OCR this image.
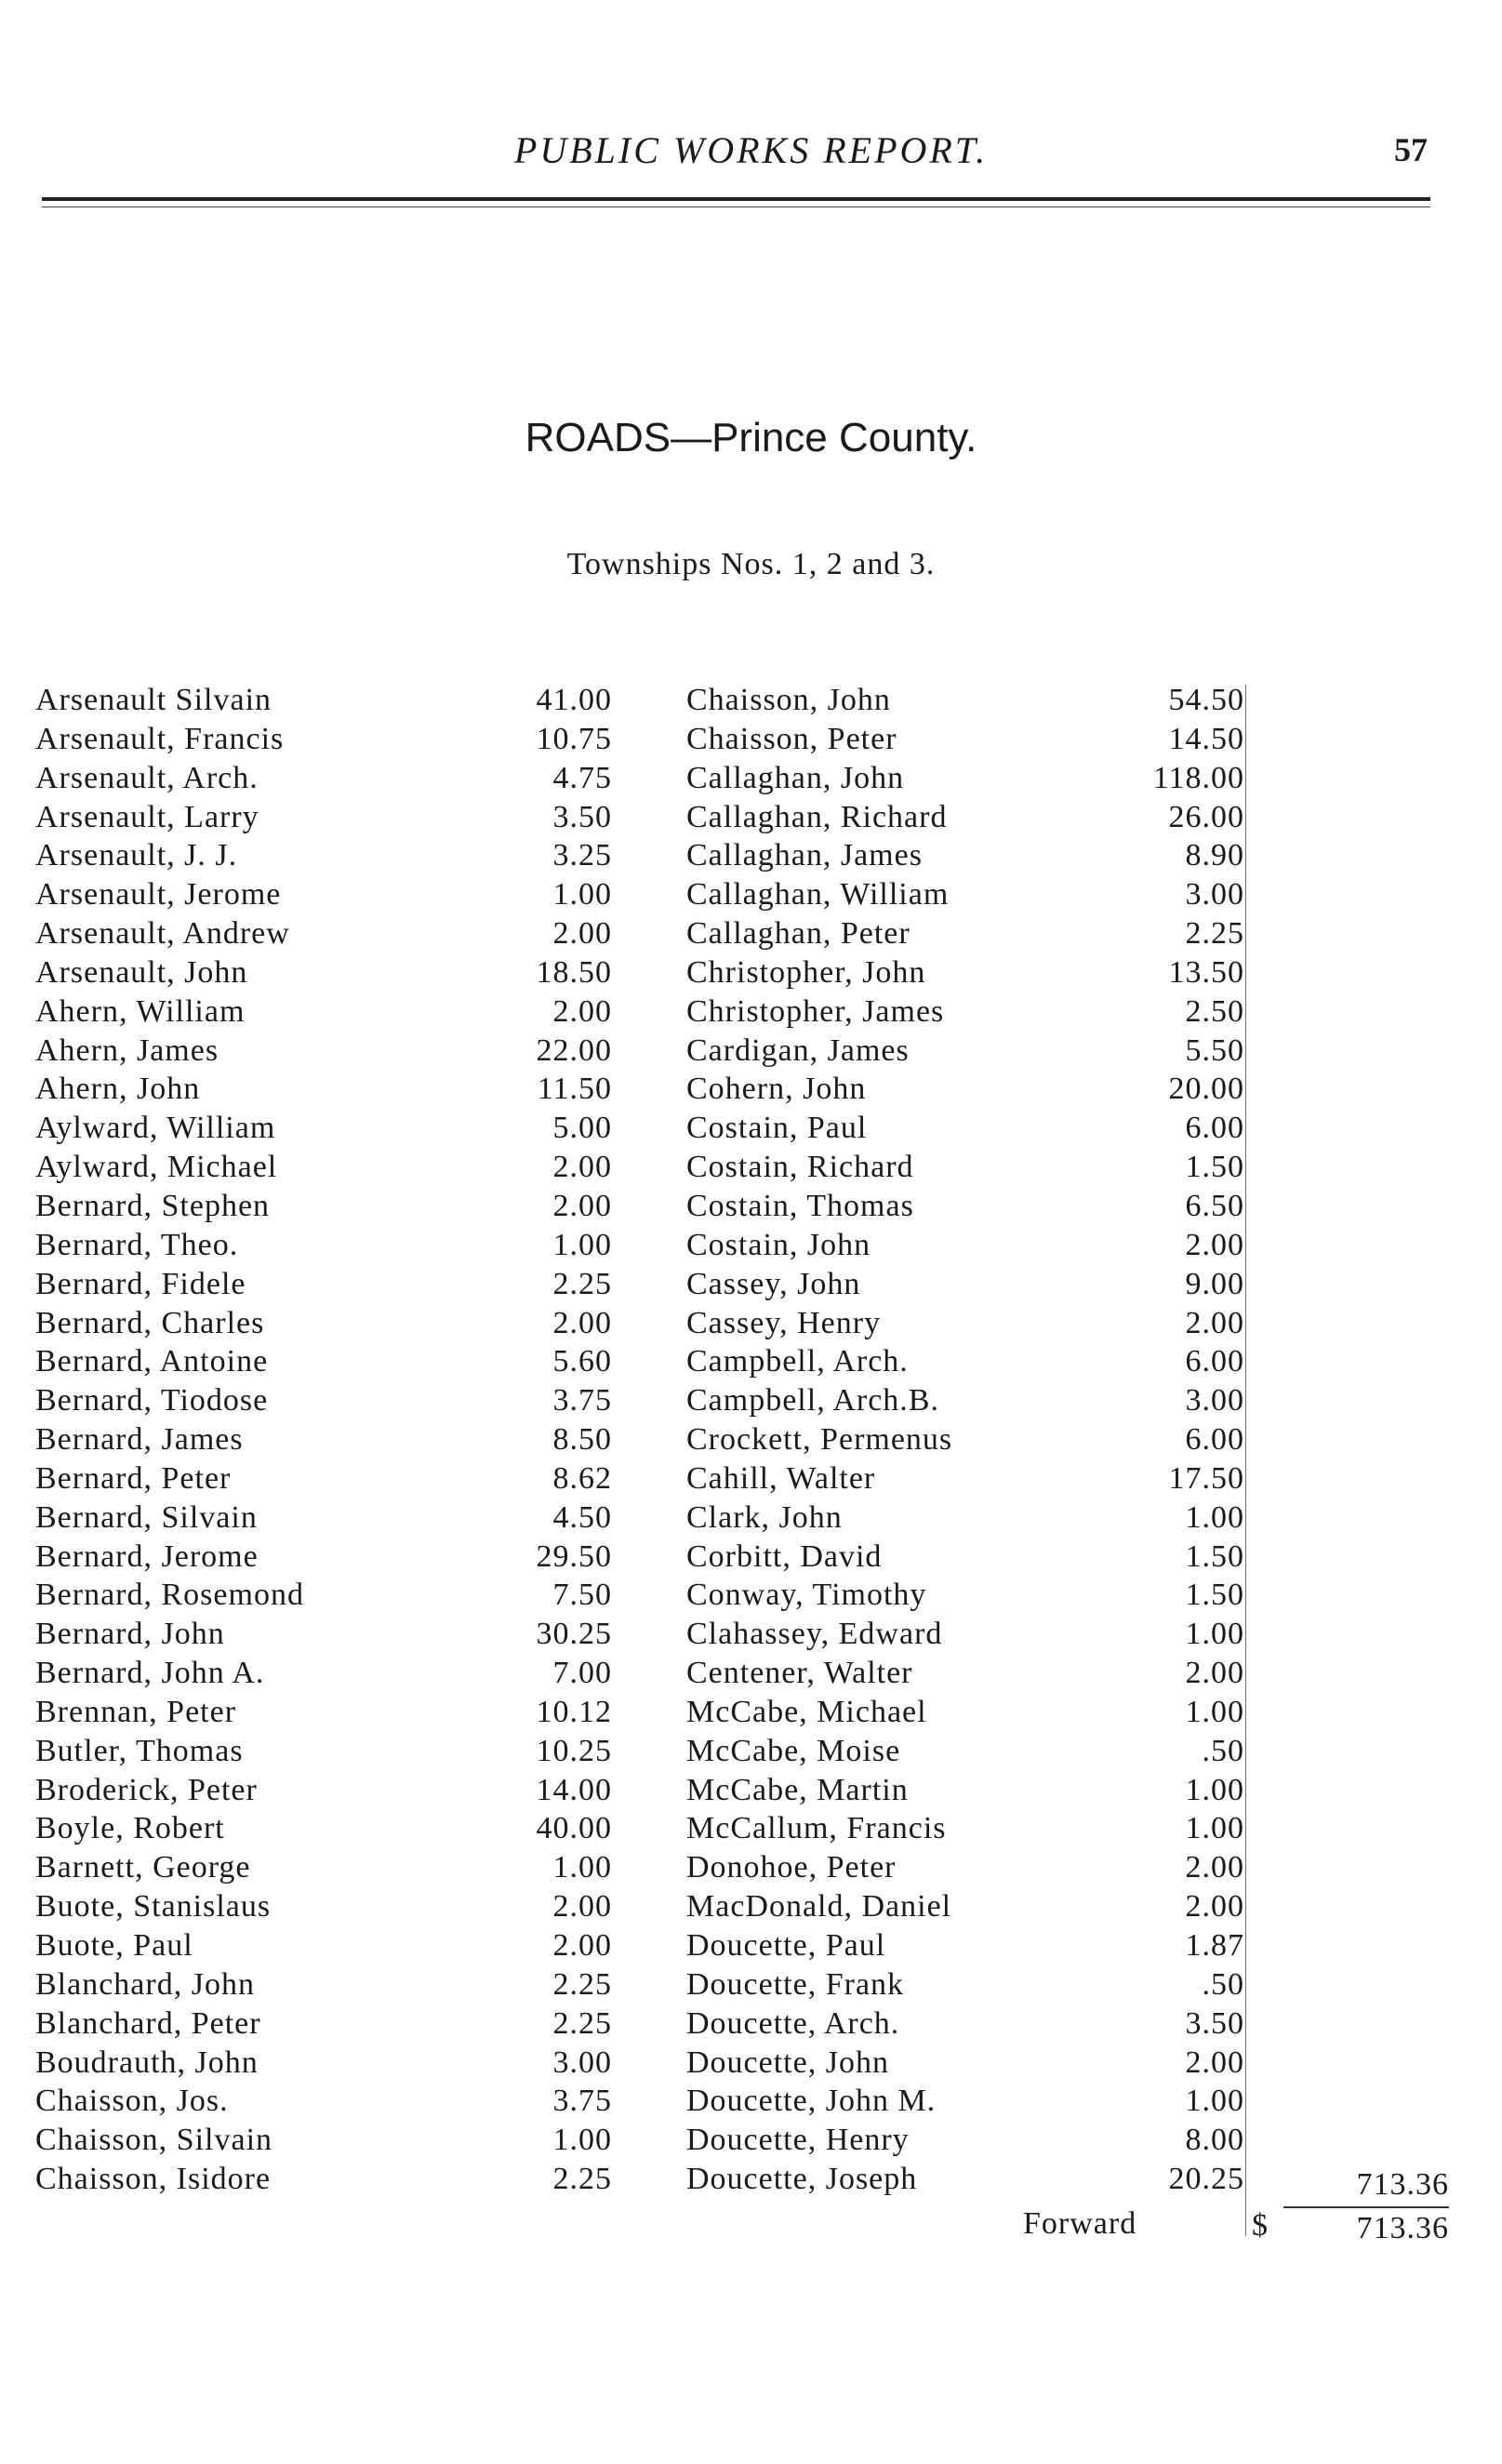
PUBLIC WORKS REPORT.	57
ROADS—Prince County.
Townships Nos. 1, 2 and 3.
Arsenault Silvain	41.00
Arsenault, Francis	10.75
Arsenault, Arch.	4.75
Arsenault, Larry	3.50
Arsenault, J. J.	3.25
Arsenault, Jerome	1.00
Arsenault, Andrew	2.00
Arsenault, John	18.50
Ahern, William	2.00
Ahern, James	22.00
Ahern, John	11.50
Aylward, William	5.00
Aylward, Michael	2.00
Bernard, Stephen	2.00
Bernard, Theo.	1.00
Bernard, Fidele	2.25
Bernard, Charles	2.00
Bernard, Antoine	5.60
Bernard, Tiodose	3.75
Bernard, James	8.50
Bernard, Peter	8.62
Bernard, Silvain	4.50
Bernard, Jerome	29.50
Bernard, Rosemond	7.50
Bernard, John	30.25
Bernard, John A.	7.00
Brennan, Peter	10.12
Butler, Thomas	10.25
Broderick, Peter	14.00
Boyle, Robert	40.00
Barnett, George	1.00
Buote, Stanislaus	2.00
Buote, Paul	2.00
Blanchard, John	2.25
Blanchard, Peter	2.25
Boudrauth, John	3.00
Chaisson, Jos.	3.75
Chaisson, Silvain	1.00
Chaisson, Isidore	2.25
Chaisson, John	54.50
Chaisson, Peter	14.50
Callaghan, John	118.00
Callaghan, Richard	26.00
Callaghan, James	8.90
Callaghan, William	3.00
Callaghan, Peter	2.25
Christopher, John	13.50
Christopher, James	2.50
Cardigan, James	5.50
Cohern, John	20.00
Costain, Paul	6.00
Costain, Richard	1.50
Costain, Thomas	6.50
Costain, John	2.00
Cassey, John	9.00
Cassey, Henry	2.00
Campbell, Arch.	6.00
Campbell, Arch.B.	3.00
Crockett, Permenus	6.00
Cahill, Walter	17.50
Clark, John	1.00
Corbitt, David	1.50
Conway, Timothy	1.50
Clahassey, Edward	1.00
Centener, Walter	2.00
McCabe, Michael	1.00
McCabe, Moise	.50
McCabe, Martin	1.00
McCallum, Francis	1.00
Donohoe, Peter	2.00
MacDonald, Daniel	2.00
Doucette, Paul	1.87
Doucette, Frank	.50
Doucette, Arch.	3.50
Doucette, John	2.00
Doucette, John M.	1.00
Doucette, Henry	8.00
Doucette, Joseph	20.25	713.36
Forward	$	713.36
